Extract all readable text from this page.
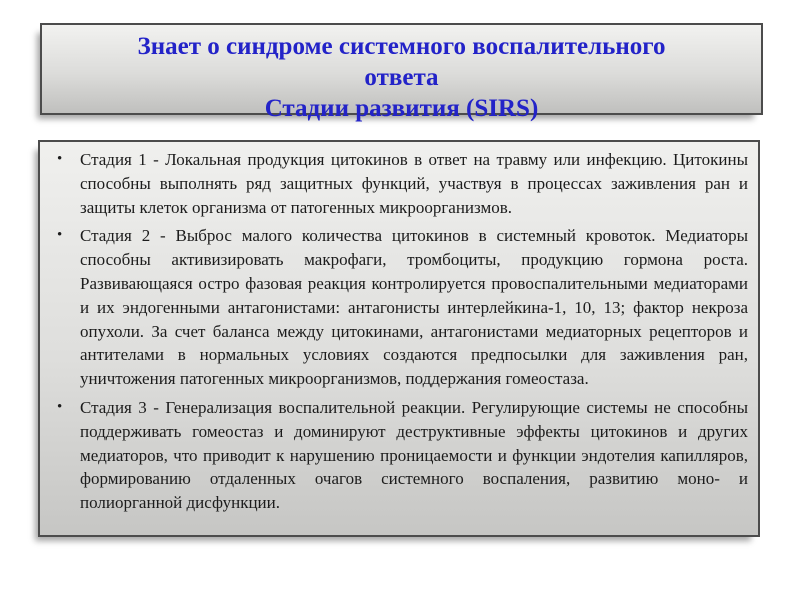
Знает о синдроме системного воспалительного
ответа
Стадии развития (SIRS)
• Стадия 1 - Локальная продукция цитокинов в ответ на травму или инфекцию. Цитокины способны выполнять ряд защитных функций, участвуя в процессах заживления ран и защиты клеток организма от патогенных микроорганизмов.
• Стадия 2 - Выброс малого количества цитокинов в системный кровоток. Медиаторы способны активизировать макрофаги, тромбоциты, продукцию гормона роста. Развивающаяся остро фазовая реакция контролируется провоспалительными медиаторами и их эндогенными антагонистами: антагонисты интерлейкина-1, 10, 13; фактор некроза опухоли. За счет баланса между цитокинами, антагонистами медиаторных рецепторов и антителами в нормальных условиях создаются предпосылки для заживления ран, уничтожения патогенных микроорганизмов, поддержания гомеостаза.
• Стадия 3 - Генерализация воспалительной реакции. Регулирующие системы не способны поддерживать гомеостаз и доминируют деструктивные эффекты цитокинов и других медиаторов, что приводит к нарушению проницаемости и функции эндотелия капилляров, формированию отдаленных очагов системного воспаления, развитию моно- и полиорганной дисфункции.
